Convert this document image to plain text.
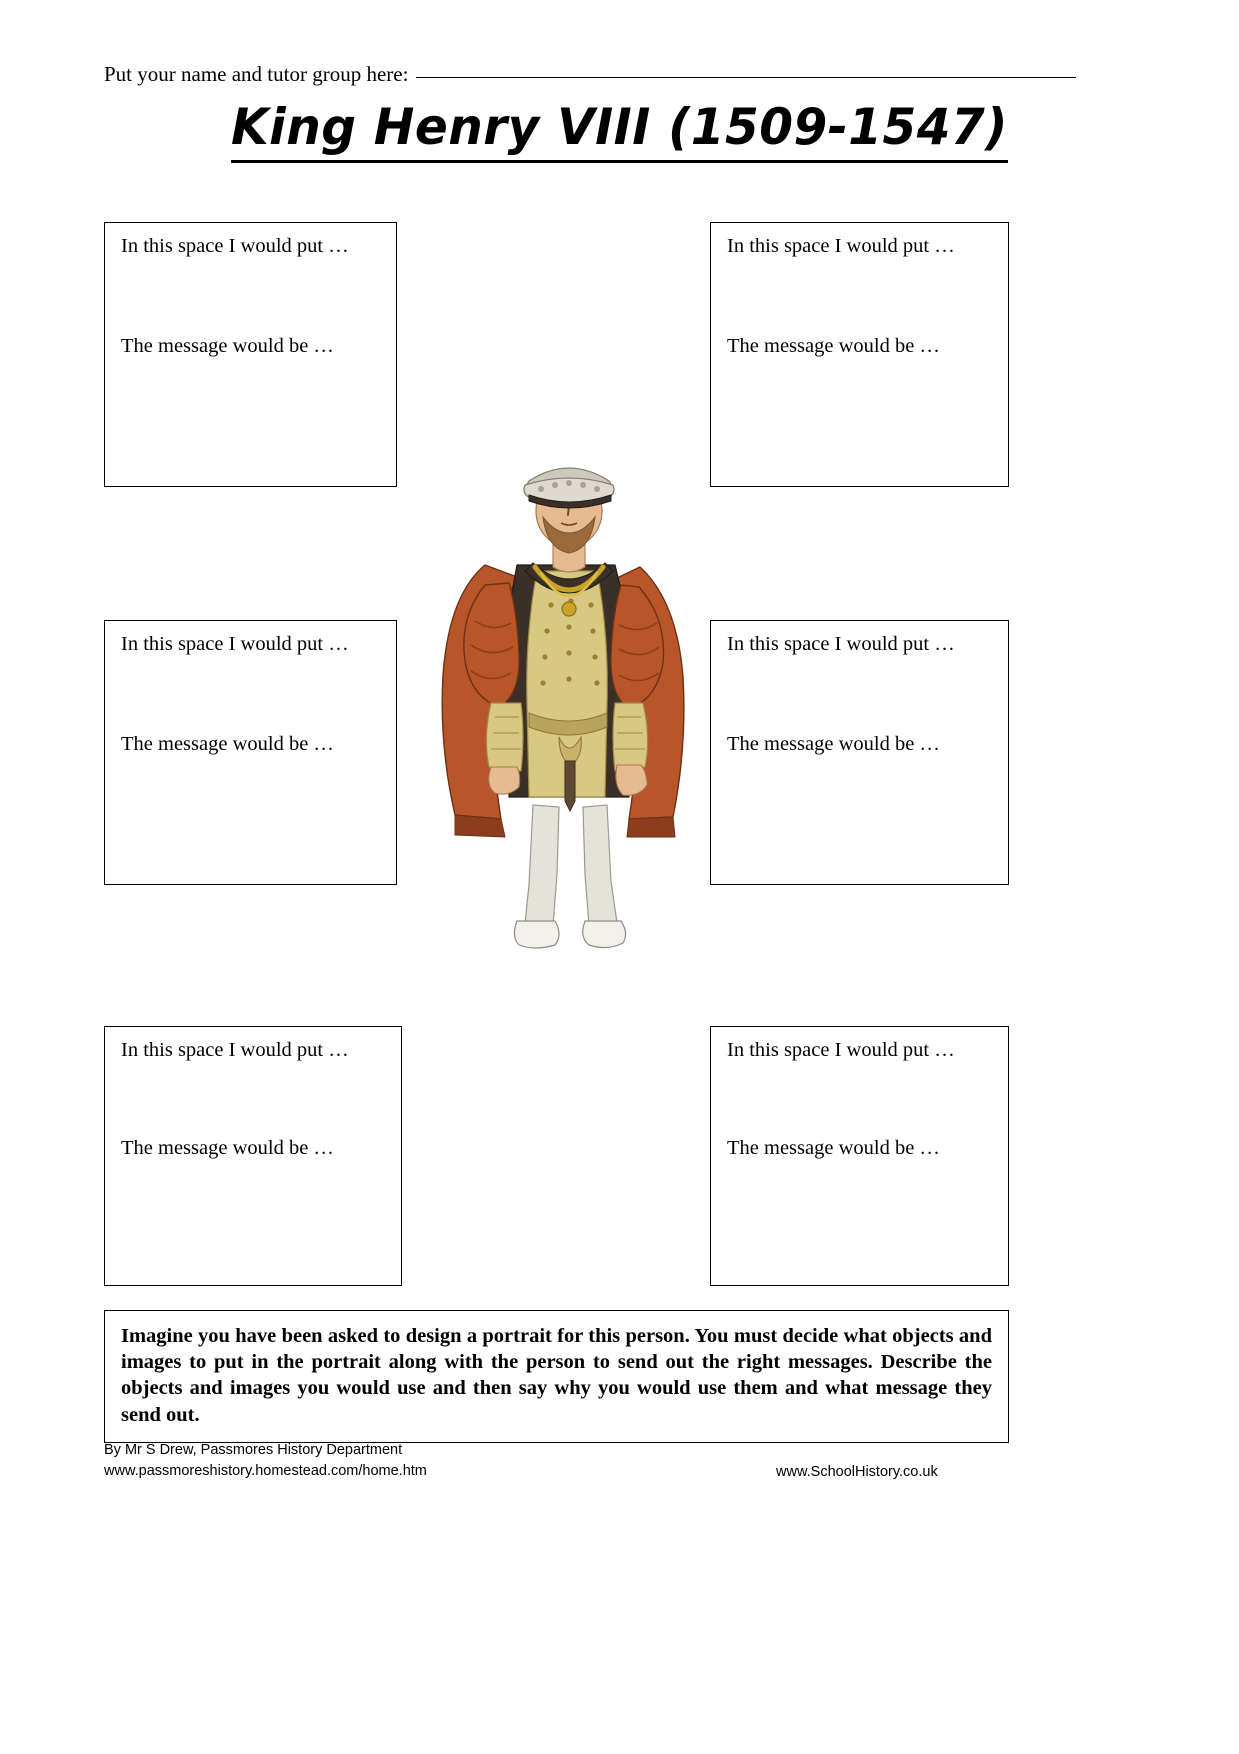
Put your name and tutor group here:
King Henry VIII (1509-1547)
In this space I would put …
The message would be …
In this space I would put …
The message would be …
In this space I would put …
The message would be …
In this space I would put …
The message would be …
In this space I would put …
The message would be …
In this space I would put …
The message would be …
Imagine you have been asked to design a portrait for this person. You must decide what objects and images to put in the portrait along with the person to send out the right messages. Describe the objects and images you would use and then say why you would use them and what message they send out.
By Mr S Drew, Passmores History Department
www.passmoreshistory.homestead.com/home.htm	www.SchoolHistory.co.uk
